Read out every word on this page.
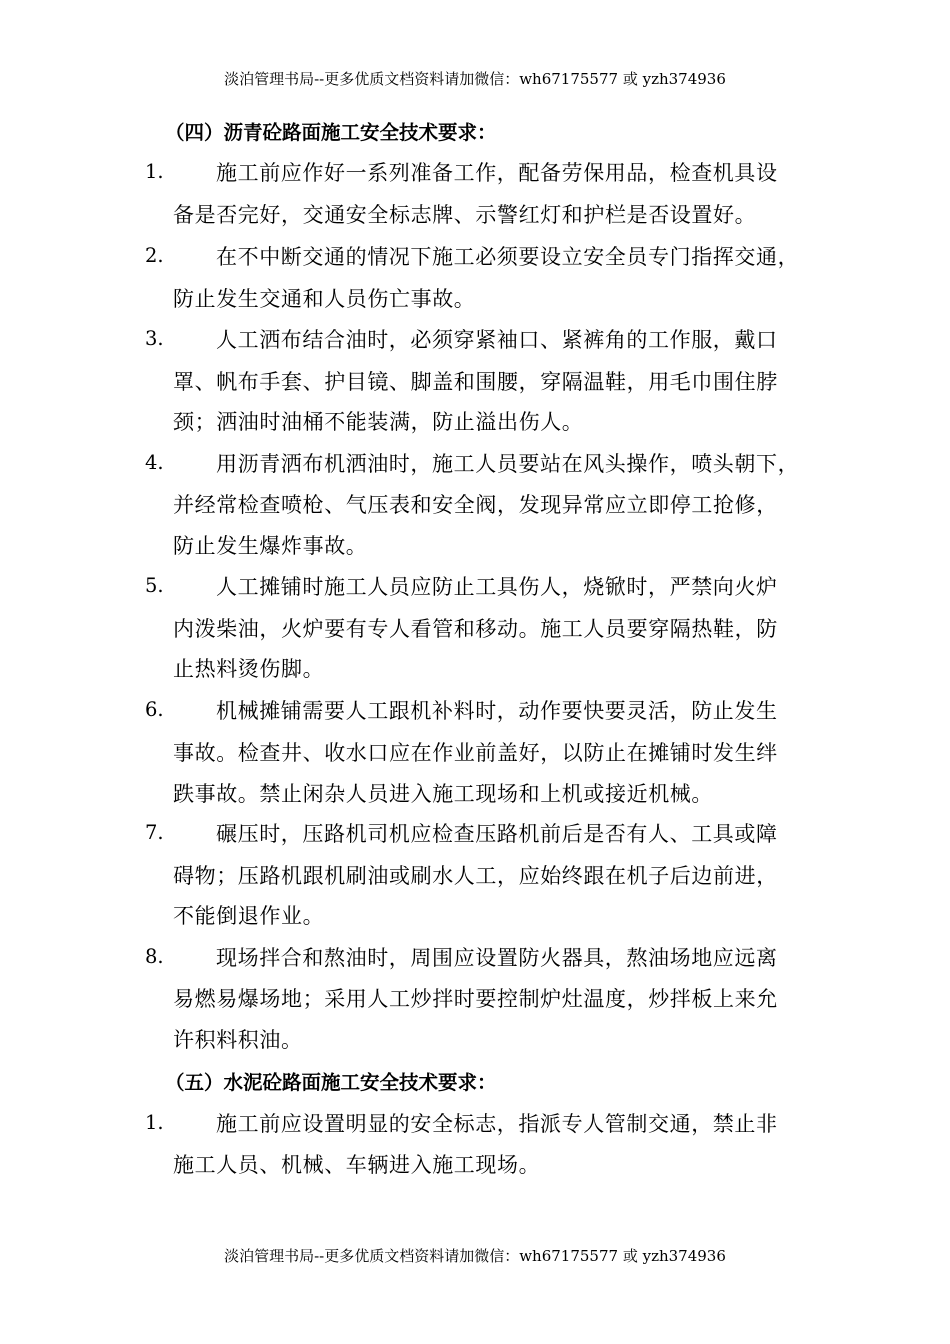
淡泊管理书局--更多优质文档资料请加微信：wh67175577 或 yzh374936
（四）沥青砼路面施工安全技术要求：
1. 施工前应作好一系列准备工作，配备劳保用品，检查机具设
备是否完好，交通安全标志牌、示警红灯和护栏是否设置好。
2. 在不中断交通的情况下施工必须要设立安全员专门指挥交通，
防止发生交通和人员伤亡事故。
3. 人工洒布结合油时，必须穿紧袖口、紧裤角的工作服，戴口
罩、帆布手套、护目镜、脚盖和围腰，穿隔温鞋，用毛巾围住脖
颈；洒油时油桶不能装满，防止溢出伤人。
4. 用沥青洒布机洒油时，施工人员要站在风头操作，喷头朝下，
并经常检查喷枪、气压表和安全阀，发现异常应立即停工抢修，
防止发生爆炸事故。
5. 人工摊铺时施工人员应防止工具伤人，烧锨时，严禁向火炉
内泼柴油，火炉要有专人看管和移动。施工人员要穿隔热鞋，防
止热料烫伤脚。
6. 机械摊铺需要人工跟机补料时，动作要快要灵活，防止发生
事故。检查井、收水口应在作业前盖好，以防止在摊铺时发生绊
跌事故。禁止闲杂人员进入施工现场和上机或接近机械。
7. 碾压时，压路机司机应检查压路机前后是否有人、工具或障
碍物；压路机跟机刷油或刷水人工，应始终跟在机子后边前进，
不能倒退作业。
8. 现场拌合和熬油时，周围应设置防火器具，熬油场地应远离
易燃易爆场地；采用人工炒拌时要控制炉灶温度，炒拌板上来允
许积料积油。
（五）水泥砼路面施工安全技术要求：
1. 施工前应设置明显的安全标志，指派专人管制交通，禁止非
施工人员、机械、车辆进入施工现场。
淡泊管理书局--更多优质文档资料请加微信：wh67175577 或 yzh374936
